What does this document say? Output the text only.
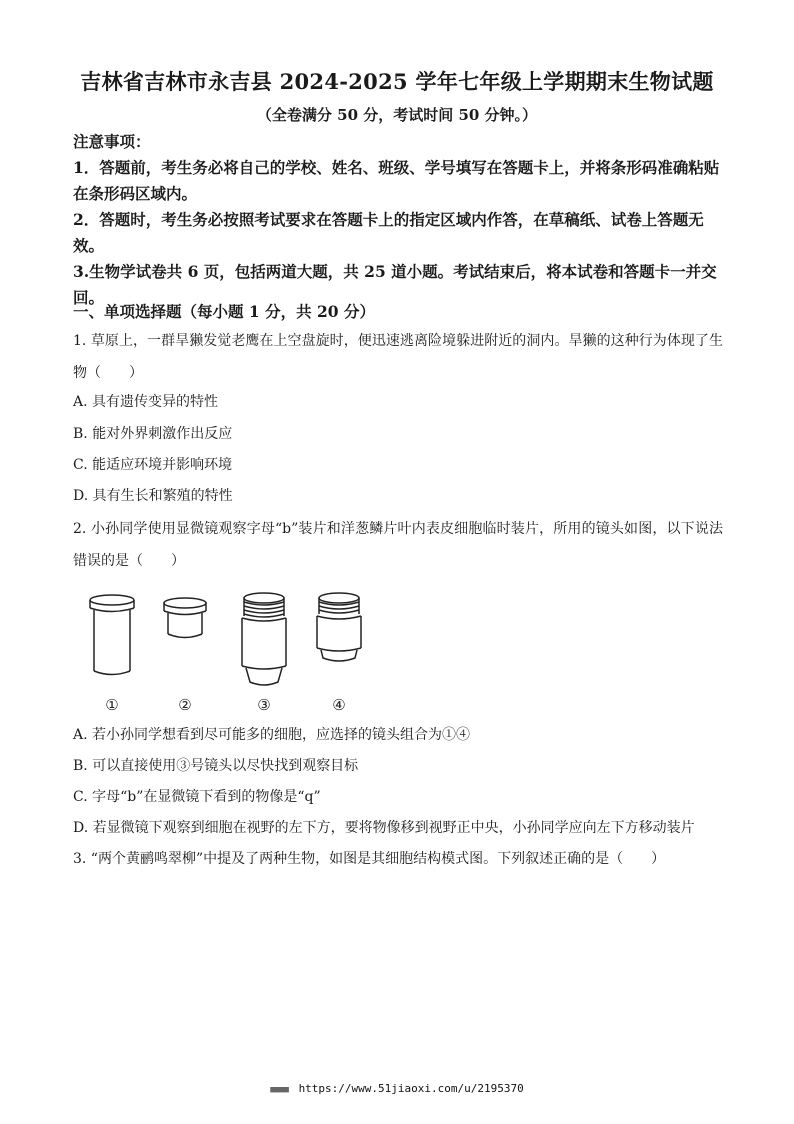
吉林省吉林市永吉县 2024-2025 学年七年级上学期期末生物试题
（全卷满分 50 分，考试时间 50 分钟。）
注意事项：
1．答题前，考生务必将自己的学校、姓名、班级、学号填写在答题卡上，并将条形码准确粘贴在条形码区域内。
2．答题时，考生务必按照考试要求在答题卡上的指定区域内作答，在草稿纸、试卷上答题无效。
3.生物学试卷共 6 页，包括两道大题，共 25 道小题。考试结束后，将本试卷和答题卡一并交回。
一、单项选择题（每小题 1 分，共 20 分）
1. 草原上，一群旱獭发觉老鹰在上空盘旋时，便迅速逃离险境躲进附近的洞内。旱獭的这种行为体现了生物（　　）
A. 具有遗传变异的特性
B. 能对外界刺激作出反应
C. 能适应环境并影响环境
D. 具有生长和繁殖的特性
2. 小孙同学使用显微镜观察字母“b”装片和洋葱鳞片叶内表皮细胞临时装片，所用的镜头如图，以下说法错误的是（　　）
①	②	③	④
A. 若小孙同学想看到尽可能多的细胞，应选择的镜头组合为①④
B. 可以直接使用③号镜头以尽快找到观察目标
C. 字母“b”在显微镜下看到的物像是“q”
D. 若显微镜下观察到细胞在视野的左下方，要将物像移到视野正中央，小孙同学应向左下方移动装片
3. “两个黄鹂鸣翠柳”中提及了两种生物，如图是其细胞结构模式图。下列叙述正确的是（　　）
■■■■ https://www.51jiaoxi.com/u/2195370
